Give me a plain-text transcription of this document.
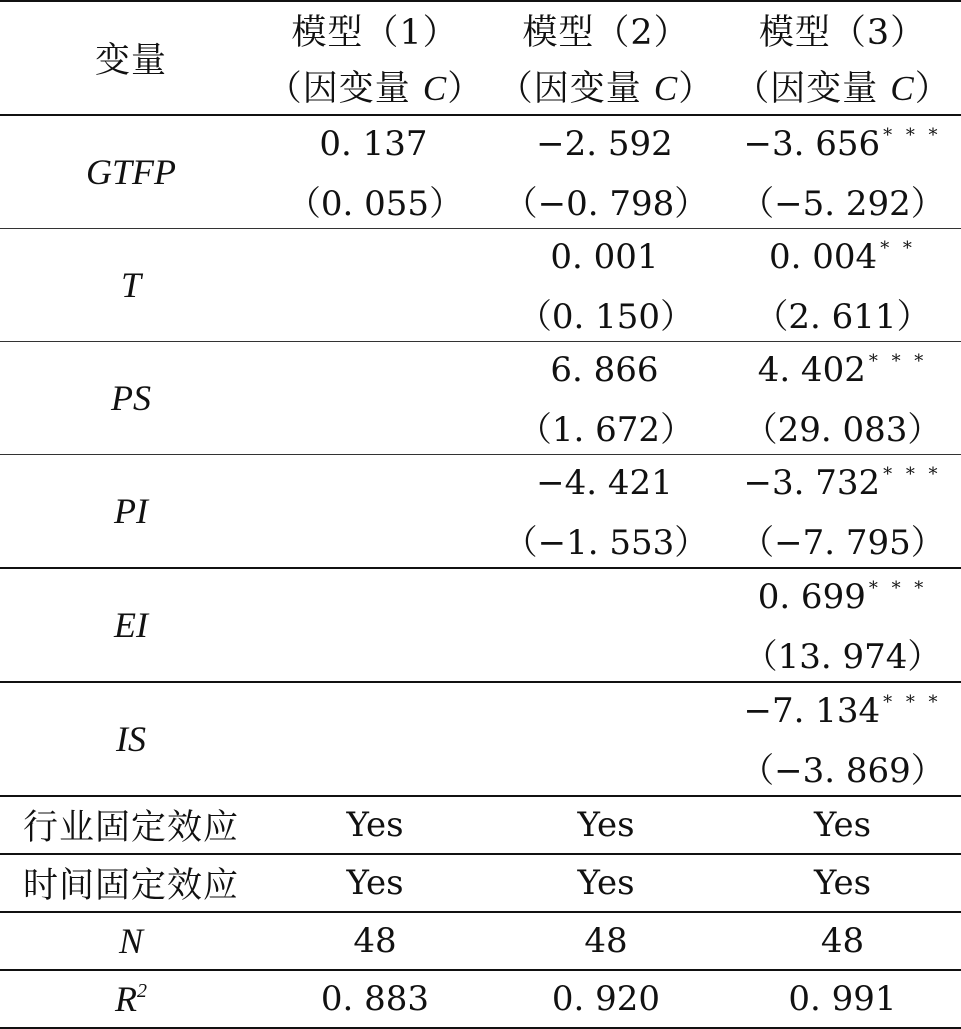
变量	模型（1）	模型（2）	模型（3）
	（因变量 C）	（因变量 C）	（因变量 C）
GTFP	0. 137	−2. 592	−3. 656 * * *
	（0. 055）	（−0. 798）	（−5. 292）
T		0. 001	0. 004 * *
		（0. 150）	（2. 611）
PS		6. 866	4. 402 * * *
		（1. 672）	（29. 083）
PI		−4. 421	−3. 732 * * *
		（−1. 553）	（−7. 795）
EI			0. 699 * * *
			（13. 974）
IS			−7. 134 * * *
			（−3. 869）
行业固定效应	Yes	Yes	Yes
时间固定效应	Yes	Yes	Yes
N	48	48	48
$R^2$	0. 883	0. 920	0. 991
